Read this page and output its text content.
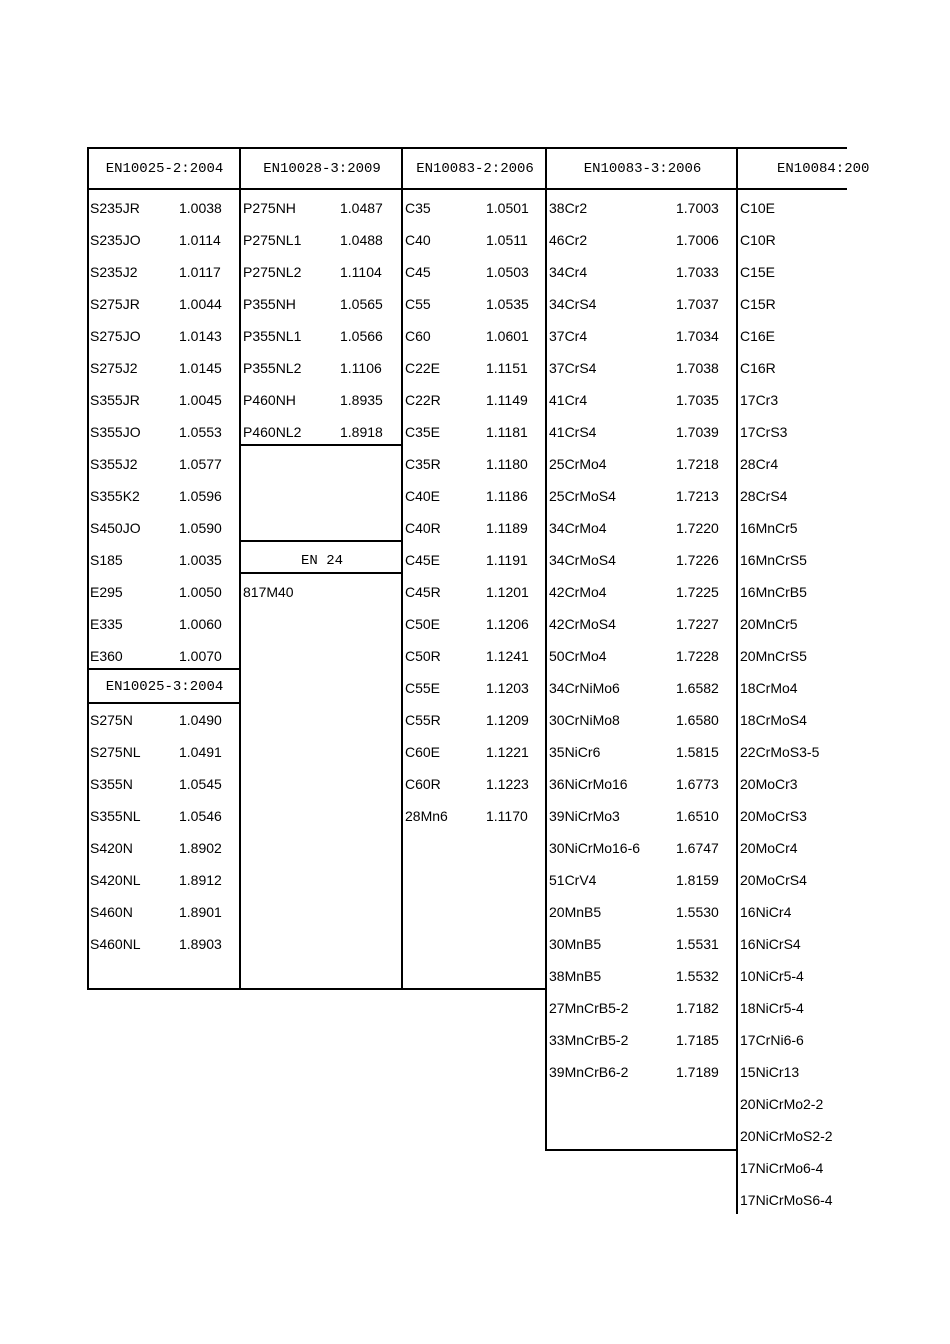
EN10025-2:2004
S235JR	1.0038
S235JO	1.0114
S235J2	1.0117
S275JR	1.0044
S275JO	1.0143
S275J2	1.0145
S355JR	1.0045
S355JO	1.0553
S355J2	1.0577
S355K2	1.0596
S450JO	1.0590
S185	1.0035
E295	1.0050
E335	1.0060
E360	1.0070
EN10028-3:2009
P275NH	1.0487
P275NL1	1.0488
P275NL2	1.1104
P355NH	1.0565
P355NL1	1.0566
P355NL2	1.1106
P460NH	1.8935
P460NL2	1.8918
EN10083-2:2006
C35	1.0501
C40	1.0511
C45	1.0503
C55	1.0535
C60	1.0601
C22E	1.1151
C22R	1.1149
C35E	1.1181
C35R	1.1180
C40E	1.1186
C40R	1.1189
C45E	1.1191
C45R	1.1201
C50E	1.1206
C50R	1.1241
C55E	1.1203
C55R	1.1209
C60E	1.1221
C60R	1.1223
28Mn6	1.1170
EN10083-3:2006
38Cr2	1.7003
46Cr2	1.7006
34Cr4	1.7033
34CrS4	1.7037
37Cr4	1.7034
37CrS4	1.7038
41Cr4	1.7035
41CrS4	1.7039
25CrMo4	1.7218
25CrMoS4	1.7213
34CrMo4	1.7220
34CrMoS4	1.7226
42CrMo4	1.7225
42CrMoS4	1.7227
50CrMo4	1.7228
34CrNiMo6	1.6582
30CrNiMo8	1.6580
35NiCr6	1.5815
36NiCrMo16	1.6773
39NiCrMo3	1.6510
30NiCrMo16-6	1.6747
51CrV4	1.8159
20MnB5	1.5530
30MnB5	1.5531
38MnB5	1.5532
27MnCrB5-2	1.7182
33MnCrB5-2	1.7185
39MnCrB6-2	1.7189
EN10084:200
C10E
C10R
C15E
C15R
C16E
C16R
17Cr3
17CrS3
28Cr4
28CrS4
16MnCr5
16MnCrS5
16MnCrB5
20MnCr5
20MnCrS5
18CrMo4
18CrMoS4
22CrMoS3-5
20MoCr3
20MoCrS3
20MoCr4
20MoCrS4
16NiCr4
16NiCrS4
10NiCr5-4
18NiCr5-4
17CrNi6-6
15NiCr13
20NiCrMo2-2
20NiCrMoS2-2
17NiCrMo6-4
17NiCrMoS6-4
EN10025-3:2004
S275N	1.0490
S275NL	1.0491
S355N	1.0545
S355NL	1.0546
S420N	1.8902
S420NL	1.8912
S460N	1.8901
S460NL	1.8903
EN 24
817M40
